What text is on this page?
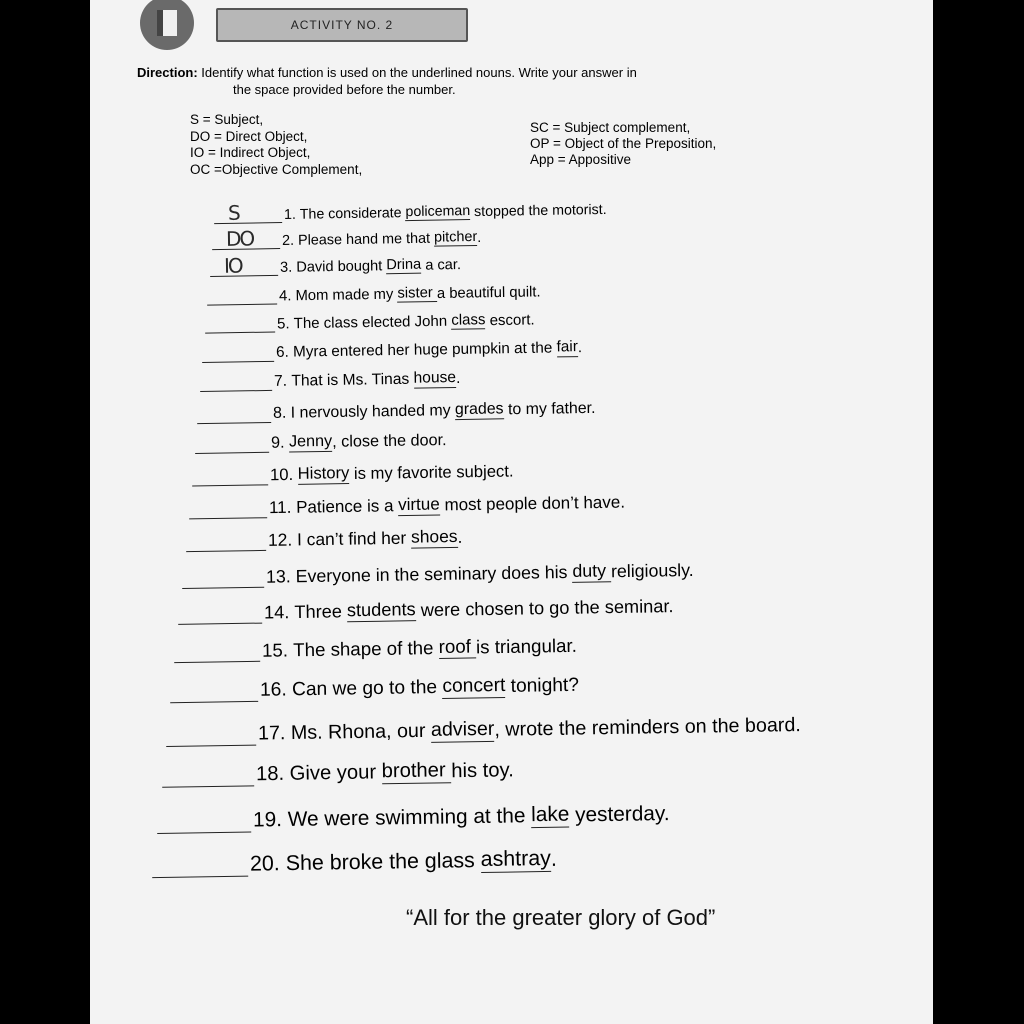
ACTIVITY NO. 2
Direction: Identify what function is used on the underlined nouns. Write your answer in
the space provided before the number.
S = Subject,
DO = Direct Object,
IO = Indirect Object,
OC =Objective Complement,
SC = Subject complement,
OP = Object of the Preposition,
App = Appositive
S	1.
The considerate policeman stopped the motorist.
DO 2.
Please hand me that pitcher .
IO	3.
David bought Drina a car.
4.
Mom made my sister a beautiful quilt.
5.
The class elected John class escort.
6.
Myra entered her huge pumpkin at the fair .
7.
That is Ms. Tinas house .
8.
I nervously handed my grades to my father.
9.
Jenny , close the door.
10.
History is my favorite subject.
11.
Patience is a virtue most people don’t have.
12.
I can’t find her shoes .
13.
Everyone in the seminary does his duty religiously.
14.
Three students were chosen to go the seminar.
15.
The shape of the roof is triangular.
16.
Can we go to the concert tonight?
17.
Ms. Rhona, our adviser , wrote the reminders on the board.
18.
Give your brother his toy.
19.
We were swimming at the lake yesterday.
20.
She broke the glass ashtray .
“All for the greater glory of God”
